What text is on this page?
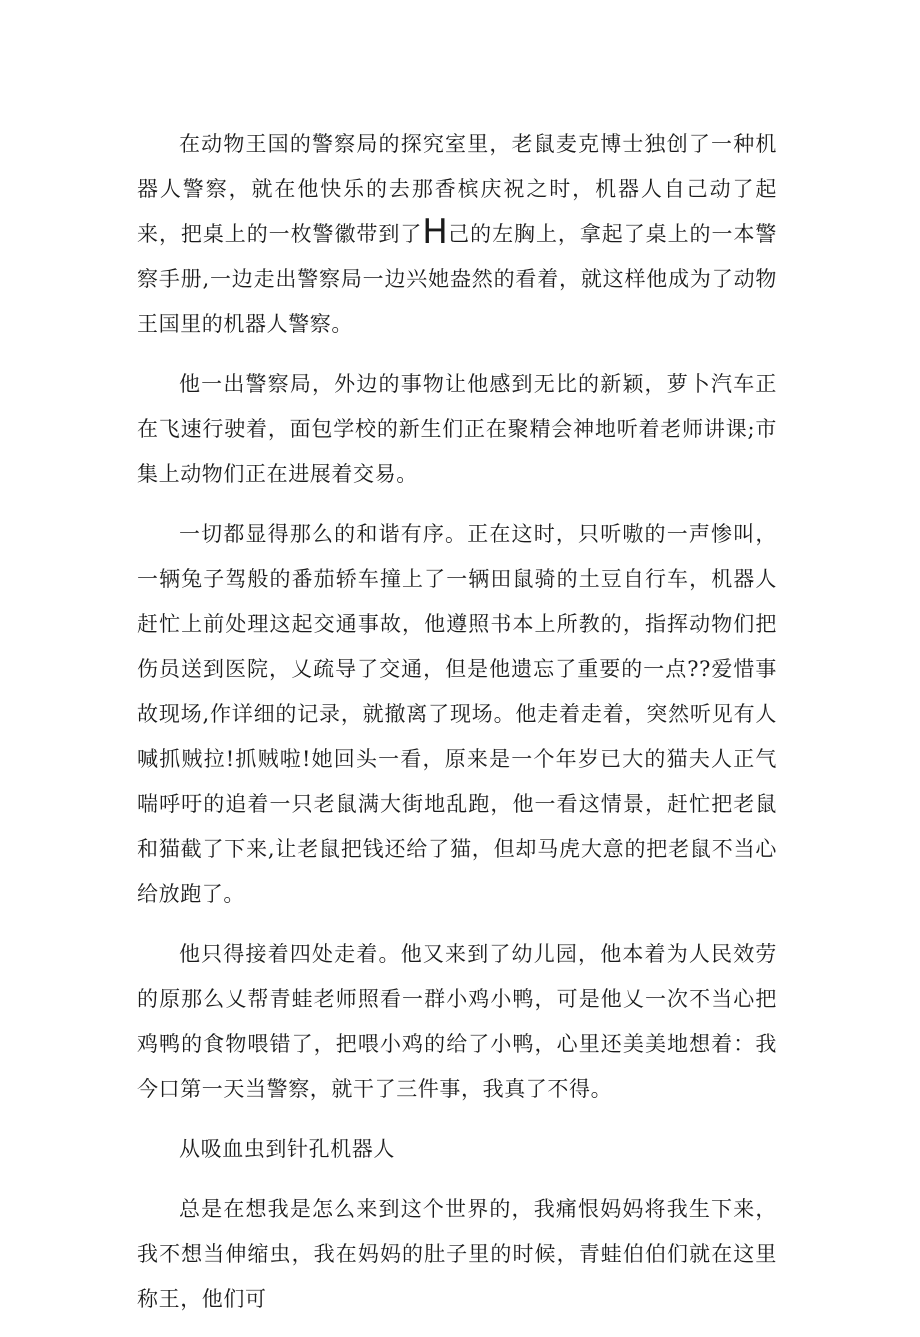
在动物王国的警察局的探究室里，老鼠麦克博士独创了一种机器人警察，就在他快乐的去那香槟庆祝之时，机器人自己动了起来，把桌上的一枚警徽带到了H己的左胸上，拿起了桌上的一本警察手册,一边走出警察局一边兴她盎然的看着，就这样他成为了动物王国里的机器人警察。

他一出警察局，外边的事物让他感到无比的新颖，萝卜汽车正在飞速行驶着，面包学校的新生们正在聚精会神地听着老师讲课;市集上动物们正在进展着交易。

一切都显得那么的和谐有序。正在这时，只听嗷的一声惨叫，一辆兔子驾般的番茄轿车撞上了一辆田鼠骑的土豆自行车，机器人赶忙上前处理这起交通事故，他遵照书本上所教的，指挥动物们把伤员送到医院，乂疏导了交通，但是他遗忘了重要的一点??爱惜事故现场,作详细的记录，就撤离了现场。他走着走着，突然听见有人喊抓贼拉!抓贼啦!她回头一看，原来是一个年岁已大的猫夫人正气喘呼吁的追着一只老鼠满大街地乱跑，他一看这情景，赶忙把老鼠和猫截了下来,让老鼠把钱还给了猫，但却马虎大意的把老鼠不当心给放跑了。

他只得接着四处走着。他又来到了幼儿园，他本着为人民效劳的原那么乂帮青蛙老师照看一群小鸡小鸭，可是他乂一次不当心把鸡鸭的食物喂错了，把喂小鸡的给了小鸭，心里还美美地想着：我今口第一天当警察，就干了三件事，我真了不得。

从吸血虫到针孔机器人

总是在想我是怎么来到这个世界的，我痛恨妈妈将我生下来，我不想当伸缩虫，我在妈妈的肚子里的时候，青蛙伯伯们就在这里称王，他们可
